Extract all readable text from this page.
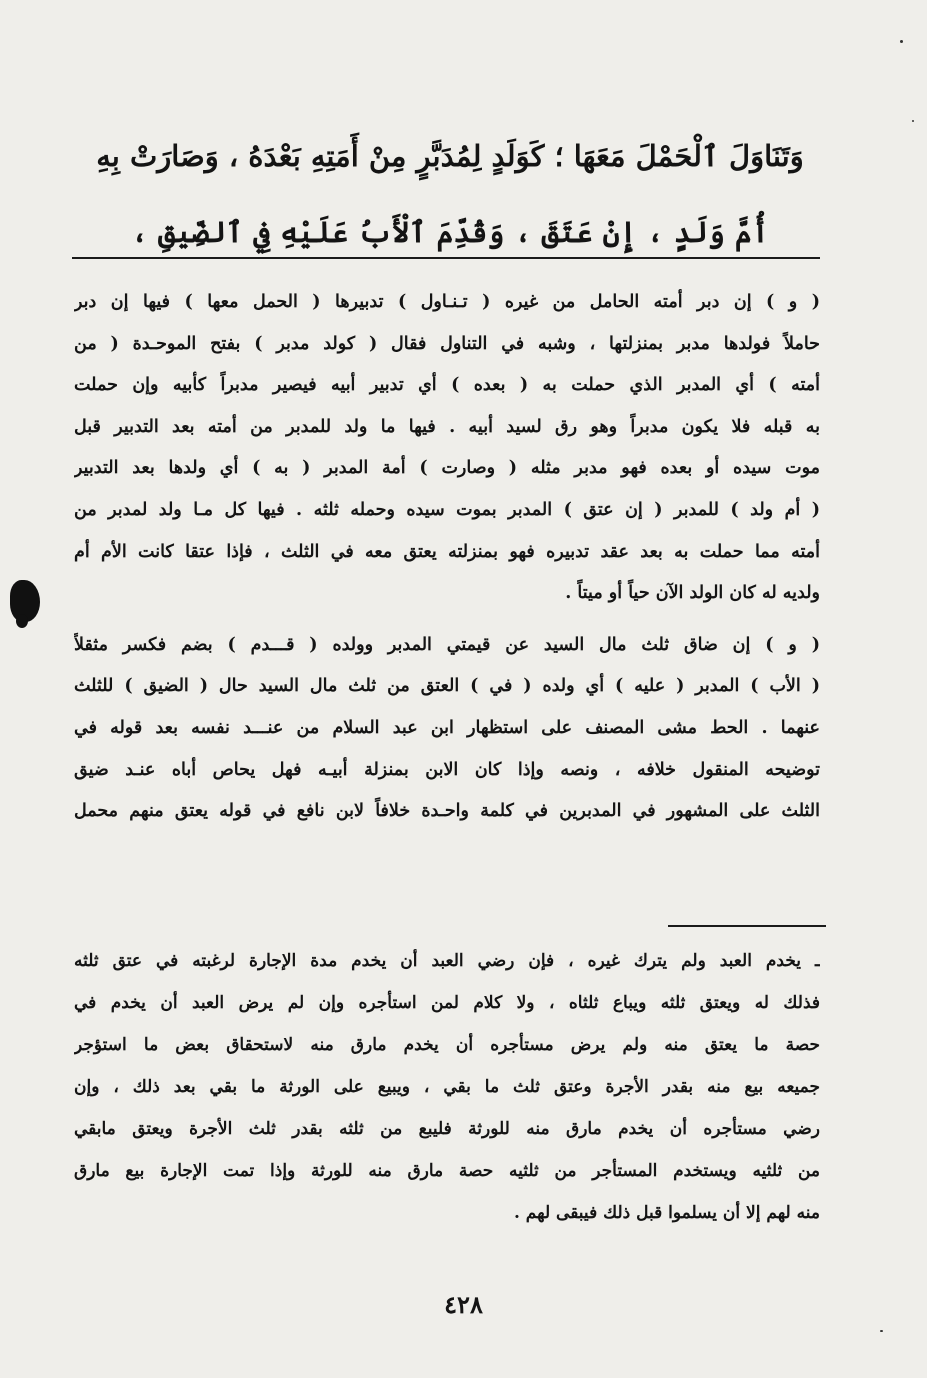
وَتَنَاوَلَ ٱلْحَمْلَ مَعَهَا ؛ كَوَلَدٍ لِمُدَبَّرٍ مِنْ أَمَتِهِ بَعْدَهُ ، وَصَارَتْ بِهِ
أُمَّ وَلَدٍ ، إِنْ عَتَقَ ، وَقُدِّمَ ٱلْأَبُ عَلَيْهِ فِي ٱلضِّيقِ ،

( و ) إن دبر أمته الحامل من غيره ( تـنـاول ) تدبيرها ( الحمل معها ) فيها إن دبر
حاملاً فولدها مدبر بمنزلتها ، وشبه في التناول فقال ( كولد مدبر ) بفتح الموحـدة ( من
أمته ) أي المدبر الذي حملت به ( بعده ) أي تدبير أبيه فيصير مدبراً كأبيه وإن حملت
به قبله فلا يكون مدبراً وهو رق لسيد أبيه . فيها ما ولد للمدبر من أمته بعد التدبير قبل
موت سيده أو بعده فهو مدبر مثله ( وصارت ) أمة المدبر ( به ) أي ولدها بعد التدبير
( أم ولد ) للمدبر ( إن عتق ) المدبر بموت سيده وحمله ثلثه . فيها كل مـا ولد لمدبر من
أمته مما حملت به بعد عقد تدبيره فهو بمنزلته يعتق معه في الثلث ، فإذا عتقا كانت الأم أم
ولديه له كان الولد الآن حياً أو ميتاً .

( و ) إن ضاق ثلث مال السيد عن قيمتي المدبر وولده ( قـــدم ) بضم فكسر مثقلاً
( الأب ) المدبر ( عليه ) أي ولده ( في ) العتق من ثلث مال السيد حال ( الضيق ) للثلث
عنهما . الحط مشى المصنف على استظهار ابن عبد السلام من عنـــد نفسه بعد قوله في
توضيحه المنقول خلافه ، ونصه وإذا كان الابن بمنزلة أبيـه فهل يحاص أباه عنـد ضيق
الثلث على المشهور في المدبرين في كلمة واحـدة خلافاً لابن نافع في قوله يعتق منهم محمل

ـ يخدم العبد ولم يترك غيره ، فإن رضي العبد أن يخدم مدة الإجارة لرغبته في عتق ثلثه
فذلك له ويعتق ثلثه ويباع ثلثاه ، ولا كلام لمن استأجره وإن لم يرض العبد أن يخدم في
حصة ما يعتق منه ولم يرض مستأجره أن يخدم مارق منه لاستحقاق بعض ما استؤجر
جميعه بيع منه بقدر الأجرة وعتق ثلث ما بقي ، ويبيع على الورثة ما بقي بعد ذلك ، وإن
رضي مستأجره أن يخدم مارق منه للورثة فليبع من ثلثه بقدر ثلث الأجرة ويعتق مابقي
من ثلثيه ويستخدم المستأجر من ثلثيه حصة مارق منه للورثة وإذا تمت الإجارة بيع مارق
منه لهم إلا أن يسلموا قبل ذلك فيبقى لهم .
٤٢٨
